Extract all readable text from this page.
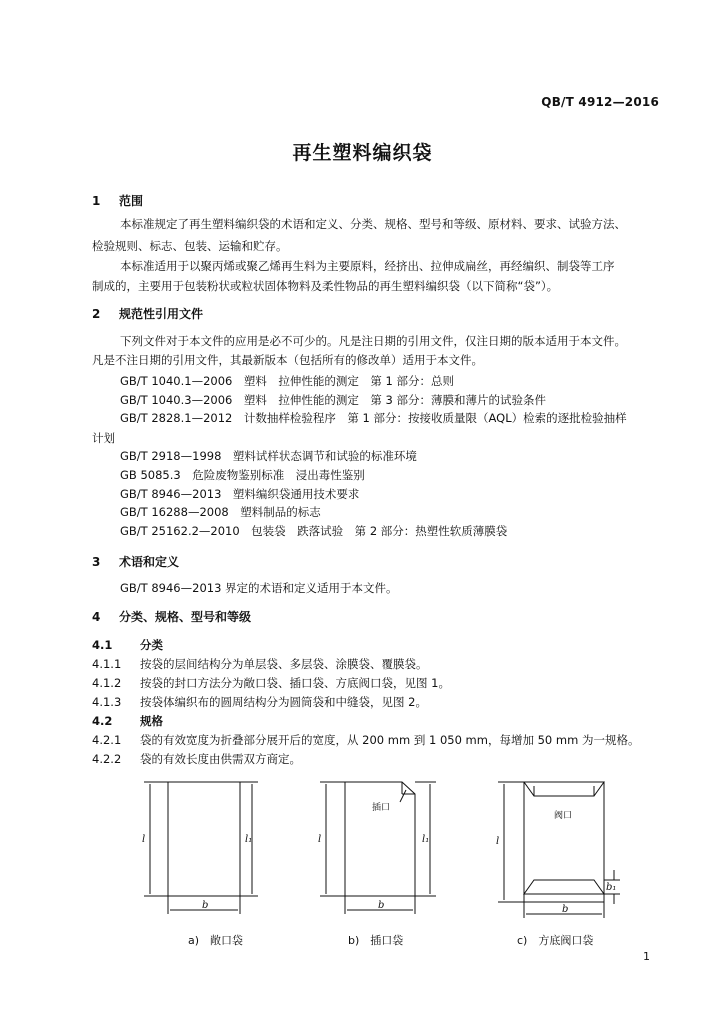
QB/T 4912—2016
再生塑料编织袋
1 范围
本标准规定了再生塑料编织袋的术语和定义、分类、规格、型号和等级、原材料、要求、试验方法、
检验规则、标志、包装、运输和贮存。
本标准适用于以聚丙烯或聚乙烯再生料为主要原料，经挤出、拉伸成扁丝，再经编织、制袋等工序
制成的，主要用于包装粉状或粒状固体物料及柔性物品的再生塑料编织袋（以下简称“袋”）。
2 规范性引用文件
下列文件对于本文件的应用是必不可少的。凡是注日期的引用文件，仅注日期的版本适用于本文件。
凡是不注日期的引用文件，其最新版本（包括所有的修改单）适用于本文件。
GB/T 1040.1—2006　塑料　拉伸性能的测定　第 1 部分：总则
GB/T 1040.3—2006　塑料　拉伸性能的测定　第 3 部分：薄膜和薄片的试验条件
GB/T 2828.1—2012　计数抽样检验程序　第 1 部分：按接收质量限（AQL）检索的逐批检验抽样
计划
GB/T 2918—1998　塑料试样状态调节和试验的标准环境
GB 5085.3　危险废物鉴别标准　浸出毒性鉴别
GB/T 8946—2013　塑料编织袋通用技术要求
GB/T 16288—2008　塑料制品的标志
GB/T 25162.2—2010　包装袋　跌落试验　第 2 部分：热塑性软质薄膜袋
3 术语和定义
GB/T 8946—2013 界定的术语和定义适用于本文件。
4 分类、规格、型号和等级
4.1 分类
4.1.1 按袋的层间结构分为单层袋、多层袋、涂膜袋、覆膜袋。
4.1.2 按袋的封口方法分为敞口袋、插口袋、方底阀口袋，见图 1。
4.1.3 按袋体编织布的圆周结构分为圆筒袋和中缝袋，见图 2。
4.2 规格
4.2.1 袋的有效宽度为折叠部分展开后的宽度，从 200 mm 到 1 050 mm，每增加 50 mm 为一规格。
4.2.2 袋的有效长度由供需双方商定。
l	l₁
b
l	l₁
b
l
b
b₁
插口
阀口
a)　敞口袋	b)　插口袋	c)　方底阀口袋
1
